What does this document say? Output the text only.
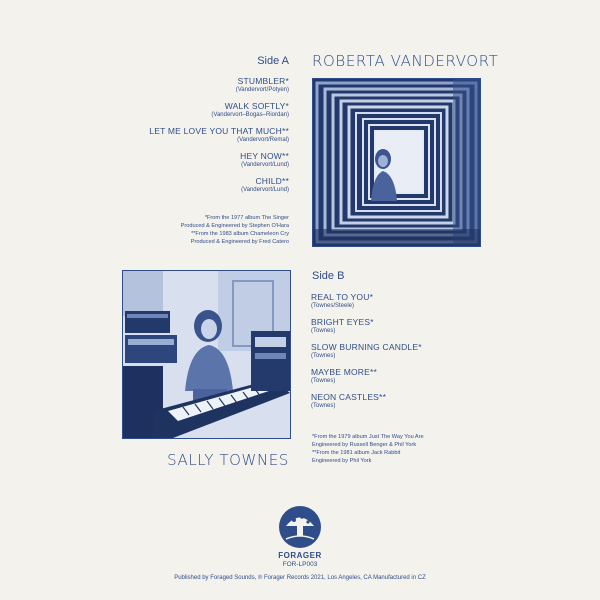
Side A
STUMBLER*
(Vandervort/Potyen)
WALK SOFTLY*
(Vandervort–Bogas–Riordan)
LET ME LOVE YOU THAT MUCH**
(Vandervort/Remal)
HEY NOW**
(Vandervort/Lund)
CHILD**
(Vandervort/Lund)
*From the 1977 album The Singer
Produced & Engineered by Stephen O'Hara
**From the 1983 album Chameleon Cry
Produced & Engineered by Fred Catero
ROBERTA VANDERVORT
SALLY TOWNES
Side B
REAL TO YOU*
(Townes/Steele)
BRIGHT EYES*
(Townes)
SLOW BURNING CANDLE*
(Townes)
MAYBE MORE**
(Townes)
NEON CASTLES**
(Townes)
*From the 1979 album Just The Way You Are
Engineered by Russell Benger & Phil York
**From the 1981 album Jack Rabbit
Engineered by Phil York
FORAGER
FOR-LP003
Published by Foraged Sounds, ℗ Forager Records 2021, Los Angeles, CA Manufactured in CZ
